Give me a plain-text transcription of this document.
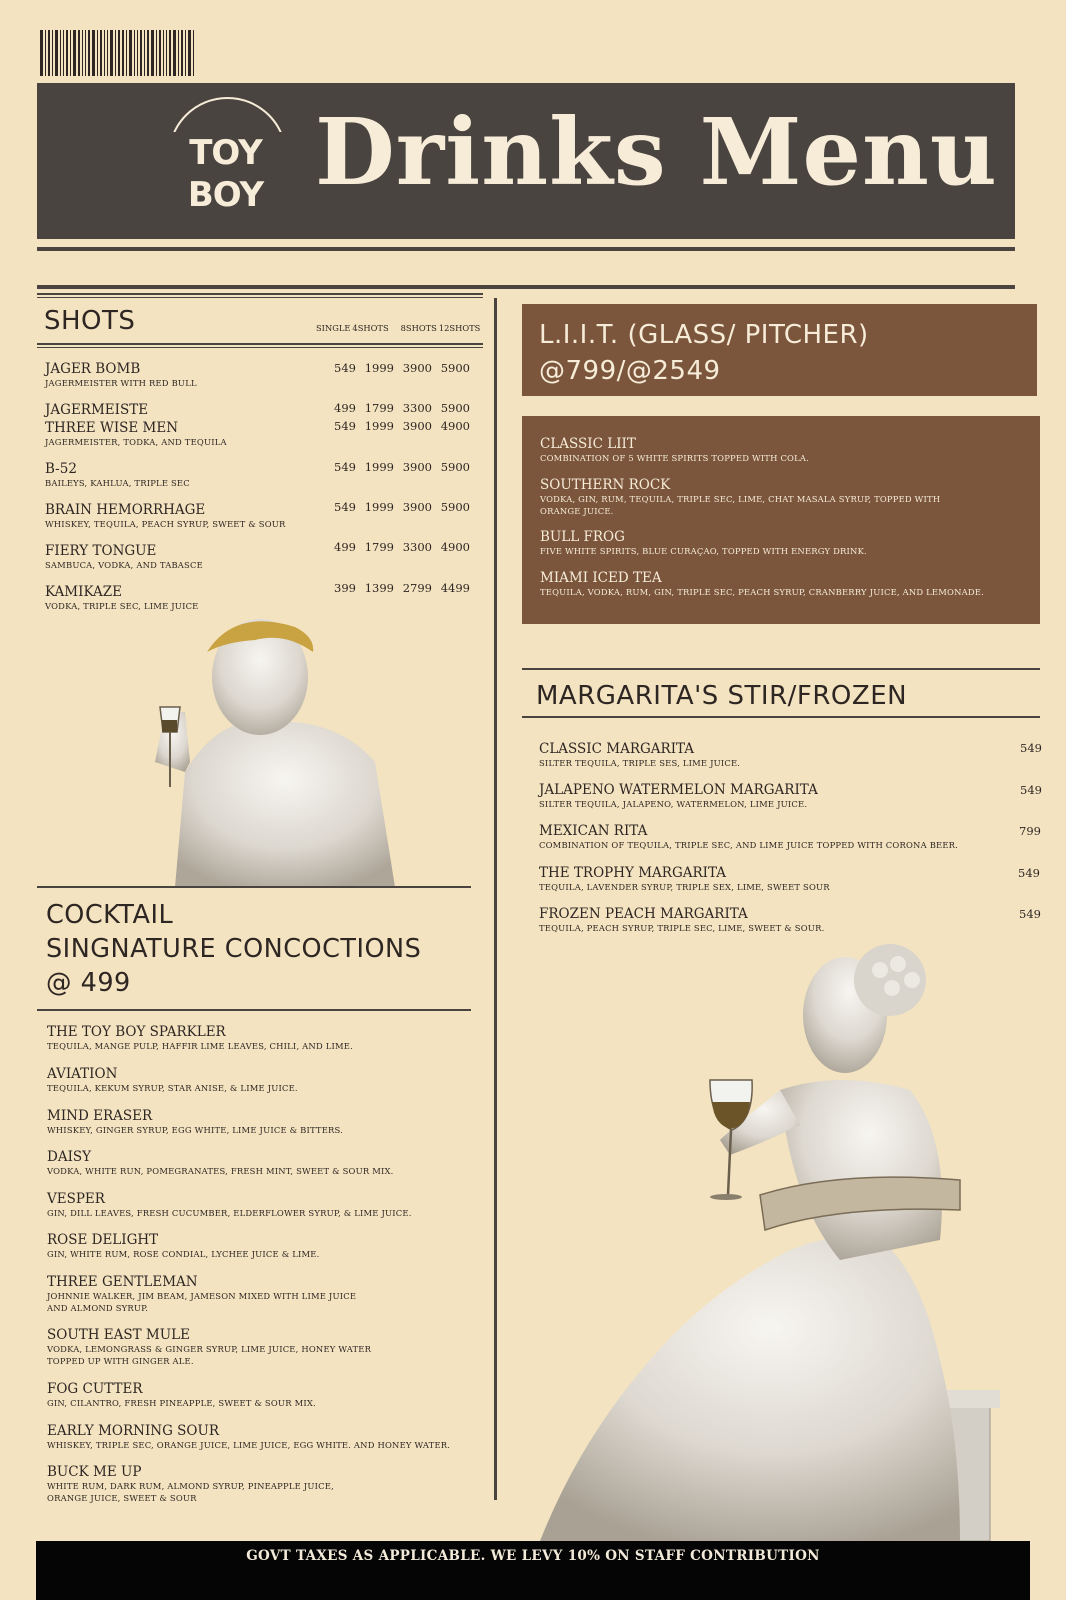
TOY BOY Drinks Menu
SHOTS	SINGLE 4SHOTS 8SHOTS 12SHOTS
JAGER BOMB
JAGERMEISTER WITH RED BULL
549 1999 3900 5900
JAGERMEISTE	499 1799 3300 5900
THREE WISE MEN
JAGERMEISTER, TODKA, AND TEQUILA
549 1999 3900 4900
B-52
BAILEYS, KAHLUA, TRIPLE SEC
549 1999 3900 5900
BRAIN HEMORRHAGE
WHISKEY, TEQUILA, PEACH SYRUP, SWEET & SOUR
549 1999 3900 5900
FIERY TONGUE
SAMBUCA, VODKA, AND TABASCE
499 1799 3300 4900
KAMIKAZE
VODKA, TRIPLE SEC, LIME JUICE
399 1399 2799 4499
COCKTAIL
SINGNATURE CONCOCTIONS
@ 499
THE TOY BOY SPARKLER
TEQUILA, MANGE PULP, HAFFIR LIME LEAVES, CHILI, AND LIME.
AVIATION
TEQUILA, KEKUM SYRUP, STAR ANISE, & LIME JUICE.
MIND ERASER
WHISKEY, GINGER SYRUP, EGG WHITE, LIME JUICE & BITTERS.
DAISY
VODKA, WHITE RUN, POMEGRANATES, FRESH MINT, SWEET & SOUR MIX.
VESPER
GIN, DILL LEAVES, FRESH CUCUMBER, ELDERFLOWER SYRUP, & LIME JUICE.
ROSE DELIGHT
GIN, WHITE RUM, ROSE CONDIAL, LYCHEE JUICE & LIME.
THREE GENTLEMAN
JOHNNIE WALKER, JIM BEAM, JAMESON MIXED WITH LIME JUICE AND ALMOND SYRUP.
SOUTH EAST MULE
VODKA, LEMONGRASS & GINGER SYRUP, LIME JUICE, HONEY WATER TOPPED UP WITH GINGER ALE.
FOG CUTTER
GIN, CILANTRO, FRESH PINEAPPLE, SWEET & SOUR MIX.
EARLY MORNING SOUR
WHISKEY, TRIPLE SEC, ORANGE JUICE, LIME JUICE, EGG WHITE. AND HONEY WATER.
BUCK ME UP
WHITE RUM, DARK RUM, ALMOND SYRUP, PINEAPPLE JUICE, ORANGE JUICE, SWEET & SOUR
L.I.I.T. (GLASS/ PITCHER)
@799/@2549
CLASSIC LIIT
COMBINATION OF 5 WHITE SPIRITS TOPPED WITH COLA.
SOUTHERN ROCK
VODKA, GIN, RUM, TEQUILA, TRIPLE SEC, LIME, CHAT MASALA SYRUP, TOPPED WITH ORANGE JUICE.
BULL FROG
FIVE WHITE SPIRITS, BLUE CURAÇAO, TOPPED WITH ENERGY DRINK.
MIAMI ICED TEA
TEQUILA, VODKA, RUM, GIN, TRIPLE SEC, PEACH SYRUP, CRANBERRY JUICE, AND LEMONADE.
MARGARITA'S STIR/FROZEN
CLASSIC MARGARITA
SILTER TEQUILA, TRIPLE SES, LIME JUICE.
549
JALAPENO WATERMELON MARGARITA
SILTER TEQUILA, JALAPENO, WATERMELON, LIME JUICE.
549
MEXICAN RITA
COMBINATION OF TEQUILA, TRIPLE SEC, AND LIME JUICE TOPPED WITH CORONA BEER.
799
THE TROPHY MARGARITA
TEQUILA, LAVENDER SYRUP, TRIPLE SEX, LIME, SWEET SOUR
549
FROZEN PEACH MARGARITA
TEQUILA, PEACH SYRUP, TRIPLE SEC, LIME, SWEET & SOUR.
549
GOVT TAXES AS APPLICABLE. WE LEVY 10% ON STAFF CONTRIBUTION
